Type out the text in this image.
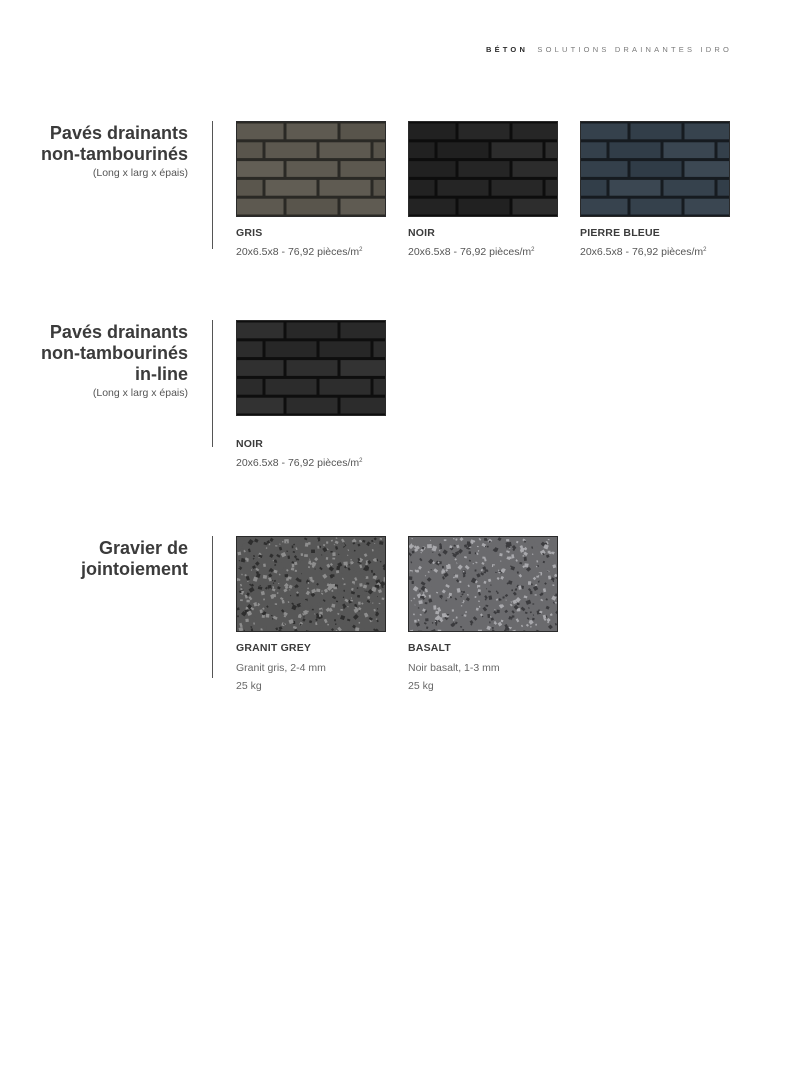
BÉTON SOLUTIONS DRAINANTES IDRO
Pavés drainants
non-tambourinés
(Long x larg x épais)
GRIS
20x6.5x8 - 76,92 pièces/$m^2$
NOIR
20x6.5x8 - 76,92 pièces/$m^2$
PIERRE BLEUE
20x6.5x8 - 76,92 pièces/$m^2$
Pavés drainants
non-tambourinés
in-line
(Long x larg x épais)
NOIR
20x6.5x8 - 76,92 pièces/$m^2$
Gravier de
jointoiement
GRANIT GREY
Granit gris, 2-4 mm
25 kg
BASALT
Noir basalt, 1-3 mm
25 kg
